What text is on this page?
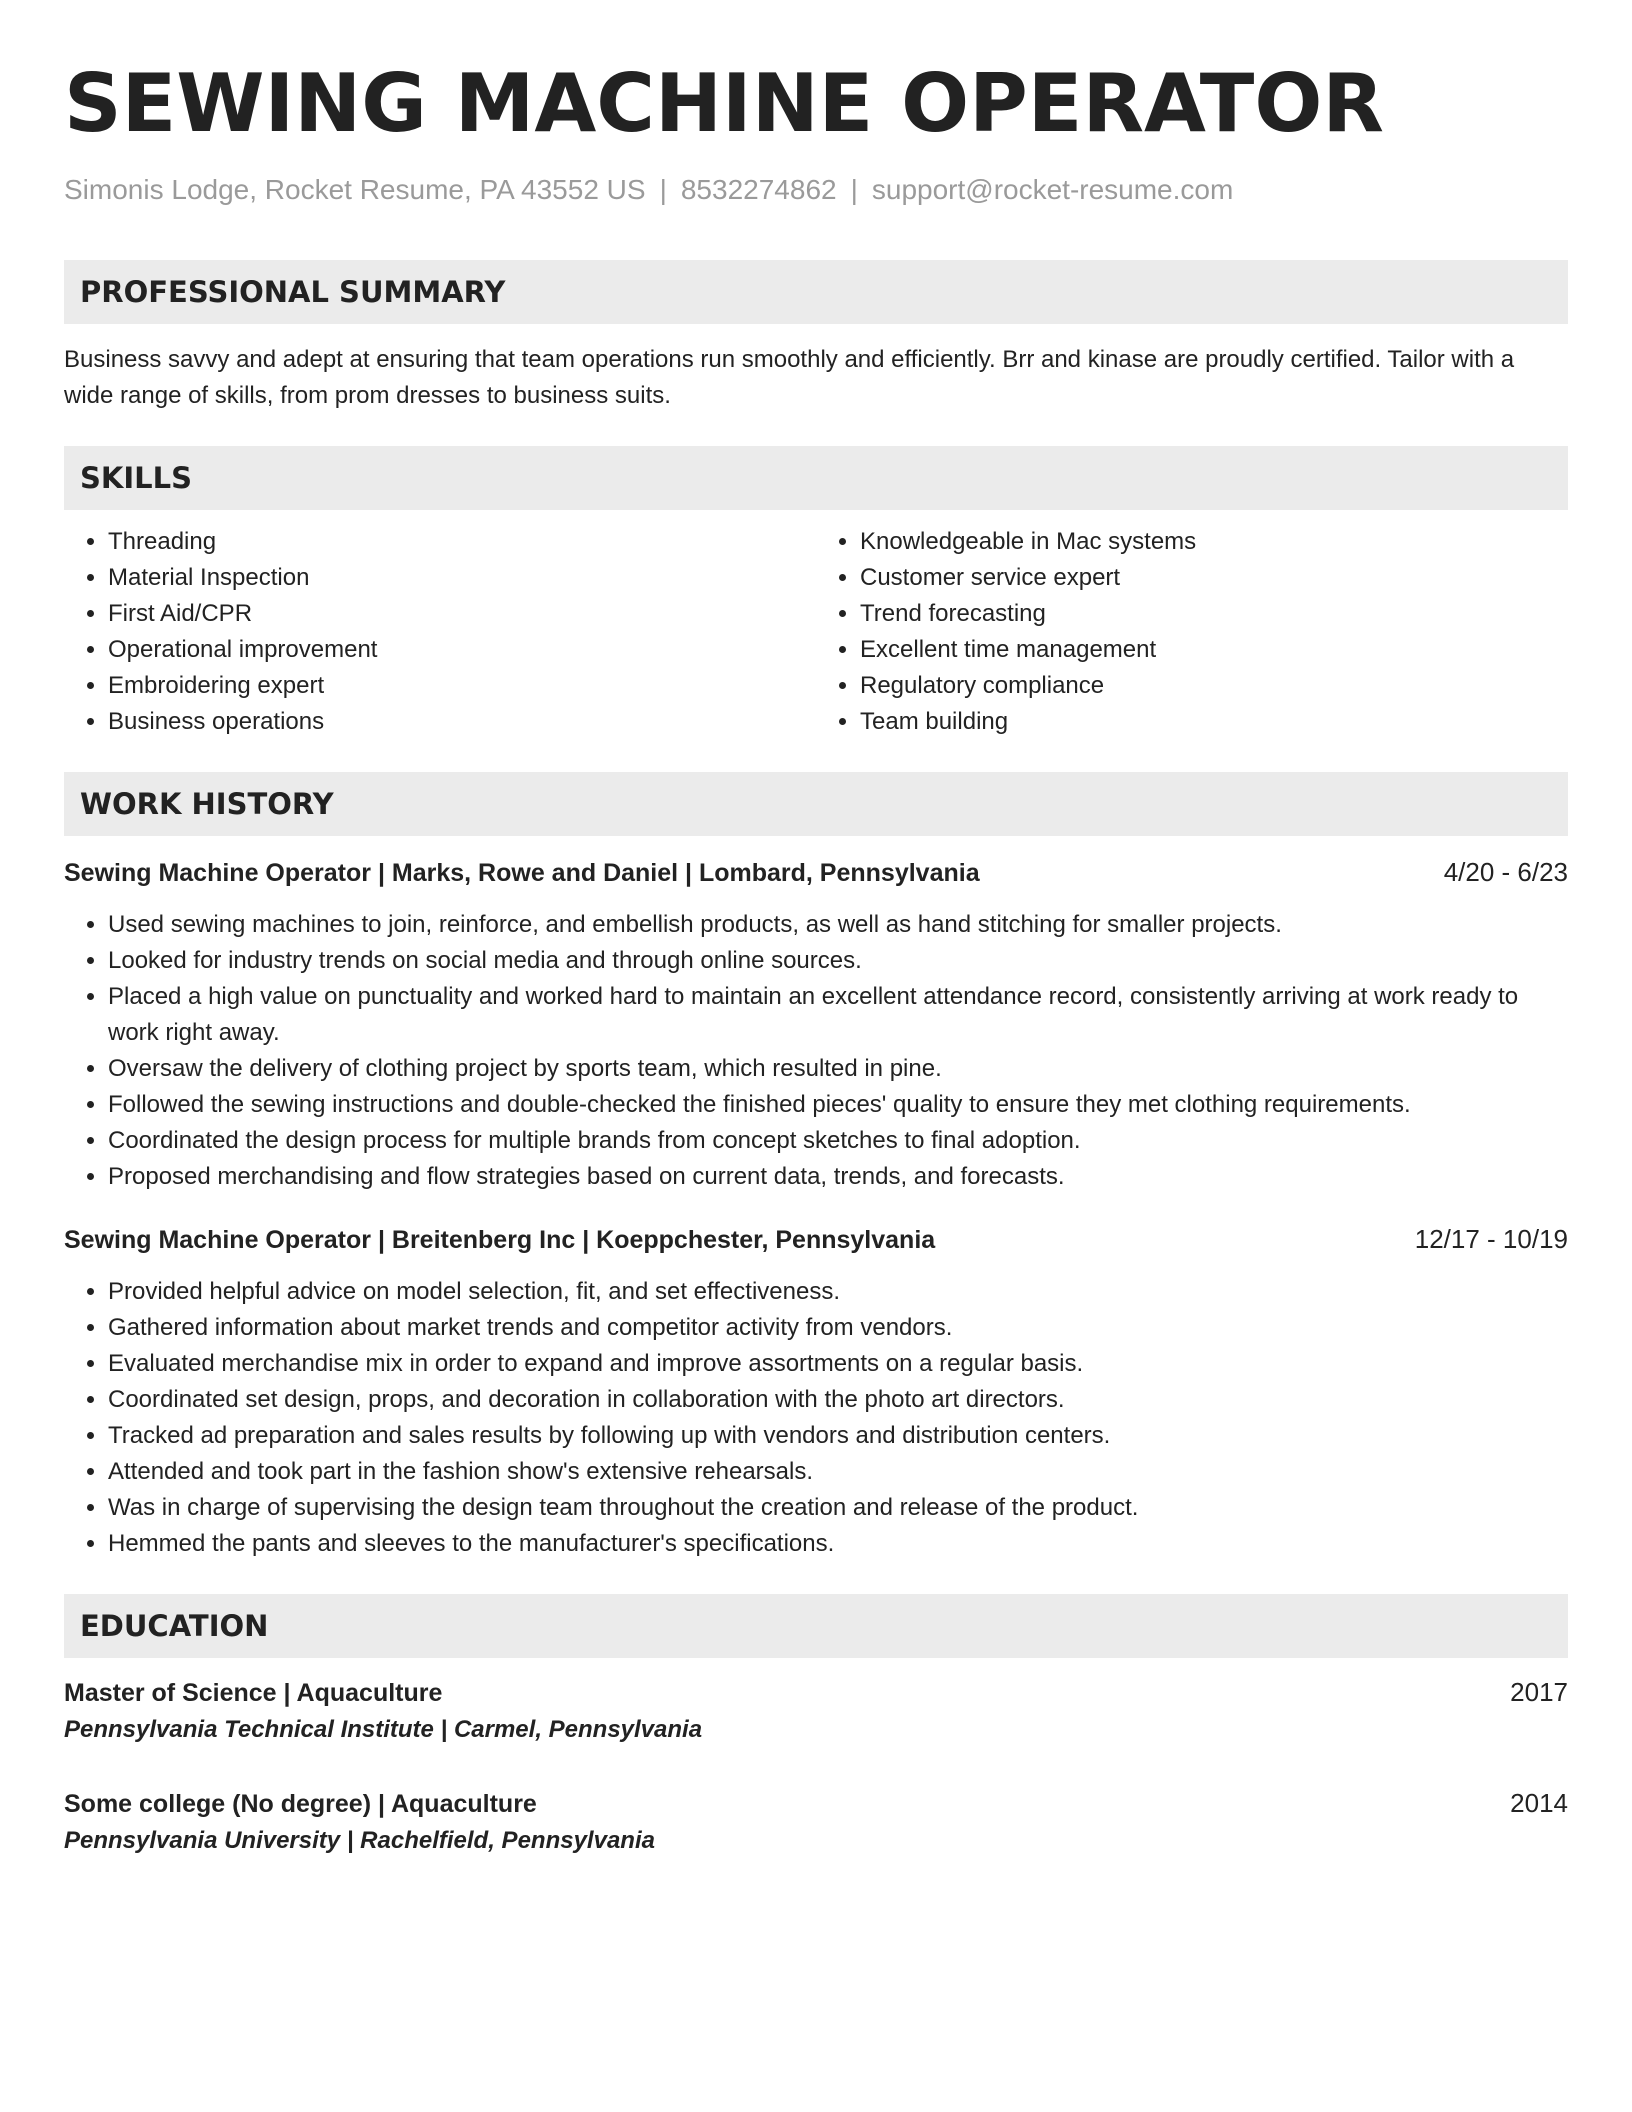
SEWING MACHINE OPERATOR
Simonis Lodge, Rocket Resume, PA 43552 US | 8532274862 | support@rocket-resume.com
PROFESSIONAL SUMMARY
Business savvy and adept at ensuring that team operations run smoothly and efficiently. Brr and kinase are proudly certified. Tailor with a wide range of skills, from prom dresses to business suits.
SKILLS
• Threading
• Material Inspection
• First Aid/CPR
• Operational improvement
• Embroidering expert
• Business operations
• Knowledgeable in Mac systems
• Customer service expert
• Trend forecasting
• Excellent time management
• Regulatory compliance
• Team building
WORK HISTORY
Sewing Machine Operator | Marks, Rowe and Daniel | Lombard, Pennsylvania	4/20 - 6/23
• Used sewing machines to join, reinforce, and embellish products, as well as hand stitching for smaller projects.
• Looked for industry trends on social media and through online sources.
• Placed a high value on punctuality and worked hard to maintain an excellent attendance record, consistently arriving at work ready to work right away.
• Oversaw the delivery of clothing project by sports team, which resulted in pine.
• Followed the sewing instructions and double-checked the finished pieces' quality to ensure they met clothing requirements.
• Coordinated the design process for multiple brands from concept sketches to final adoption.
• Proposed merchandising and flow strategies based on current data, trends, and forecasts.
Sewing Machine Operator | Breitenberg Inc | Koeppchester, Pennsylvania	12/17 - 10/19
• Provided helpful advice on model selection, fit, and set effectiveness.
• Gathered information about market trends and competitor activity from vendors.
• Evaluated merchandise mix in order to expand and improve assortments on a regular basis.
• Coordinated set design, props, and decoration in collaboration with the photo art directors.
• Tracked ad preparation and sales results by following up with vendors and distribution centers.
• Attended and took part in the fashion show's extensive rehearsals.
• Was in charge of supervising the design team throughout the creation and release of the product.
• Hemmed the pants and sleeves to the manufacturer's specifications.
EDUCATION
Master of Science | Aquaculture	2017
Pennsylvania Technical Institute | Carmel, Pennsylvania
Some college (No degree) | Aquaculture	2014
Pennsylvania University | Rachelfield, Pennsylvania
